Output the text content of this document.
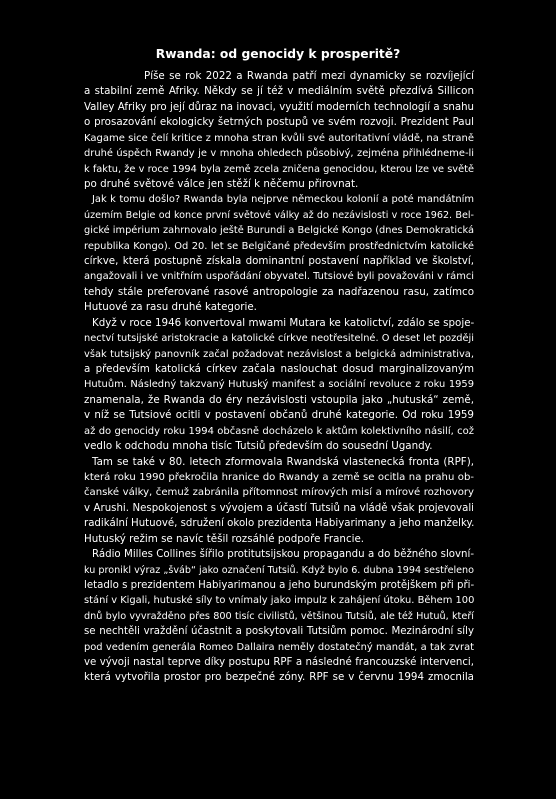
Rwanda: od genocidy k prosperitě?
Píše se rok 2022 a Rwanda patří mezi dynamicky se rozvíjející
a stabilní země Afriky. Někdy se jí též v mediálním světě přezdívá Sillicon
Valley Afriky pro její důraz na inovaci, využití moderních technologií a snahu
o prosazování ekologicky šetrných postupů ve svém rozvoji. Prezident Paul
Kagame sice čelí kritice z mnoha stran kvůli své autoritativní vládě, na straně
druhé úspěch Rwandy je v mnoha ohledech působivý, zejména přihlédneme-li
k faktu, že v roce 1994 byla země zcela zničena genocidou, kterou lze ve světě
po druhé světové válce jen stěží k něčemu přirovnat.
Jak k tomu došlo? Rwanda byla nejprve německou kolonií a poté mandátním
územím Belgie od konce první světové války až do nezávislosti v roce 1962. Bel-
gické impérium zahrnovalo ještě Burundi a Belgické Kongo (dnes Demokratická
republika Kongo). Od 20. let se Belgičané především prostřednictvím katolické
církve, která postupně získala dominantní postavení například ve školství,
angažovali i ve vnitřním uspořádání obyvatel. Tutsiové byli považováni v rámci
tehdy stále preferované rasové antropologie za nadřazenou rasu, zatímco
Hutuové za rasu druhé kategorie.
Když v roce 1946 konvertoval mwami Mutara ke katolictví, zdálo se spoje-
nectví tutsijské aristokracie a katolické církve neotřesitelné. O deset let později
však tutsijský panovník začal požadovat nezávislost a belgická administrativa,
a především katolická církev začala naslouchat dosud marginalizovaným
Hutuům. Následný takzvaný Hutuský manifest a sociální revoluce z roku 1959
znamenala, že Rwanda do éry nezávislosti vstoupila jako „hutuská“ země,
v níž se Tutsiové ocitli v postavení občanů druhé kategorie. Od roku 1959
až do genocidy roku 1994 občasně docházelo k aktům kolektivního násilí, což
vedlo k odchodu mnoha tisíc Tutsiů především do sousední Ugandy.
Tam se také v 80. letech zformovala Rwandská vlastenecká fronta (RPF),
která roku 1990 překročila hranice do Rwandy a země se ocitla na prahu ob-
čanské války, čemuž zabránila přítomnost mírových misí a mírové rozhovory
v Arushi. Nespokojenost s vývojem a účastí Tutsiů na vládě však projevovali
radikální Hutuové, sdružení okolo prezidenta Habiyarimany a jeho manželky.
Hutuský režim se navíc těšil rozsáhlé podpoře Francie.
Rádio Milles Collines šířilo protitutsijskou propagandu a do běžného slovní-
ku pronikl výraz „šváb“ jako označení Tutsiů. Když bylo 6. dubna 1994 sestřeleno
letadlo s prezidentem Habiyarimanou a jeho burundským protějškem při při-
stání v Kigali, hutuské síly to vnímaly jako impulz k zahájení útoku. Během 100
dnů bylo vyvražděno přes 800 tisíc civilistů, většinou Tutsiů, ale též Hutuů, kteří
se nechtěli vraždění účastnit a poskytovali Tutsiům pomoc. Mezinárodní síly
pod vedením generála Romeo Dallaira neměly dostatečný mandát, a tak zvrat
ve vývoji nastal teprve díky postupu RPF a následné francouzské intervenci,
která vytvořila prostor pro bezpečné zóny. RPF se v červnu 1994 zmocnila
